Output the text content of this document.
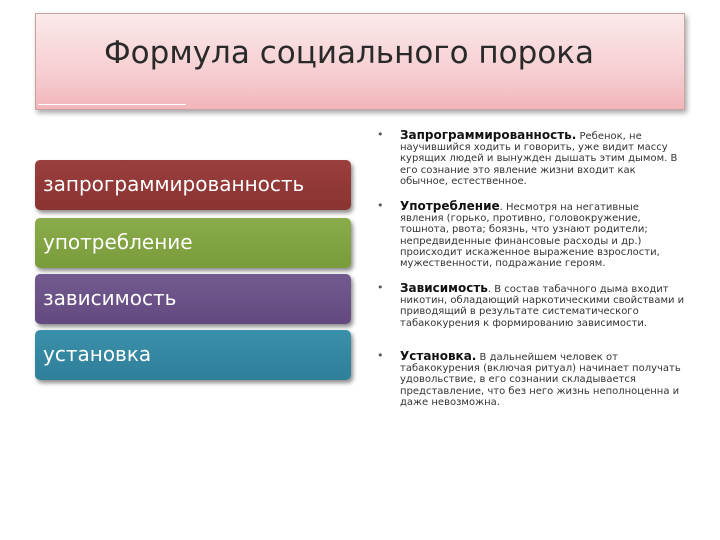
Формула социального порока
запрограммированность
употребление
зависимость
установка
• Запрограммированность. Ребенок, не научившийся ходить и говорить, уже видит массу курящих людей и вынужден дышать этим дымом. В его сознание это явление жизни входит как обычное, естественное.
• Употребление. Несмотря на негативные явления (горько, противно, головокружение, тошнота, рвота; боязнь, что узнают родители; непредвиденные финансовые расходы и др.) происходит искаженное выражение взрослости, мужественности, подражание героям.
• Зависимость. В состав табачного дыма входит никотин, обладающий наркотическими свойствами и приводящий в результате систематического табакокурения к формированию зависимости.
• Установка. В дальнейшем человек от табакокурения (включая ритуал) начинает получать удовольствие, в его сознании складывается представление, что без него жизнь неполноценна и даже невозможна.
